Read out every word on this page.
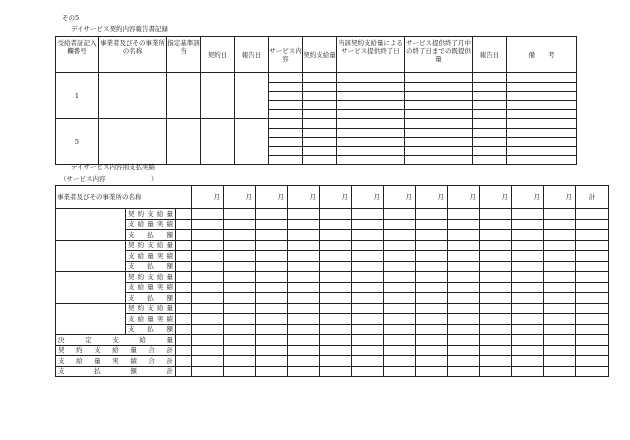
その5
デイサービス契約内容報告書記録
受給者証記入欄番号	事業者及びその事業所の名称	指定基準該当	契約日	報告日	サービス内容	契約支給量	当該契約支給量によるサービス提供終了日	サービス提供終了月中の終了日までの既提供量	報告日	備　　考
1										

5										

デイサービス内容別支払実績
（サービス内容　　　　　　　）
事業者及びその事業所の名称			月	月	月	月	月	月	月	月	月	月	月	月	計
	契約支給量														
	支給量実績														
	支　払　額														
	契約支給量														
	支給量実績														
	支　払　額														
	契約支給量														
	支給量実績														
	支　払　額														
	契約支給量														
	支給量実績														
	支　払　額														
決定支給量															
契約支給量合計															
支給量実績合計															
支払額計															
